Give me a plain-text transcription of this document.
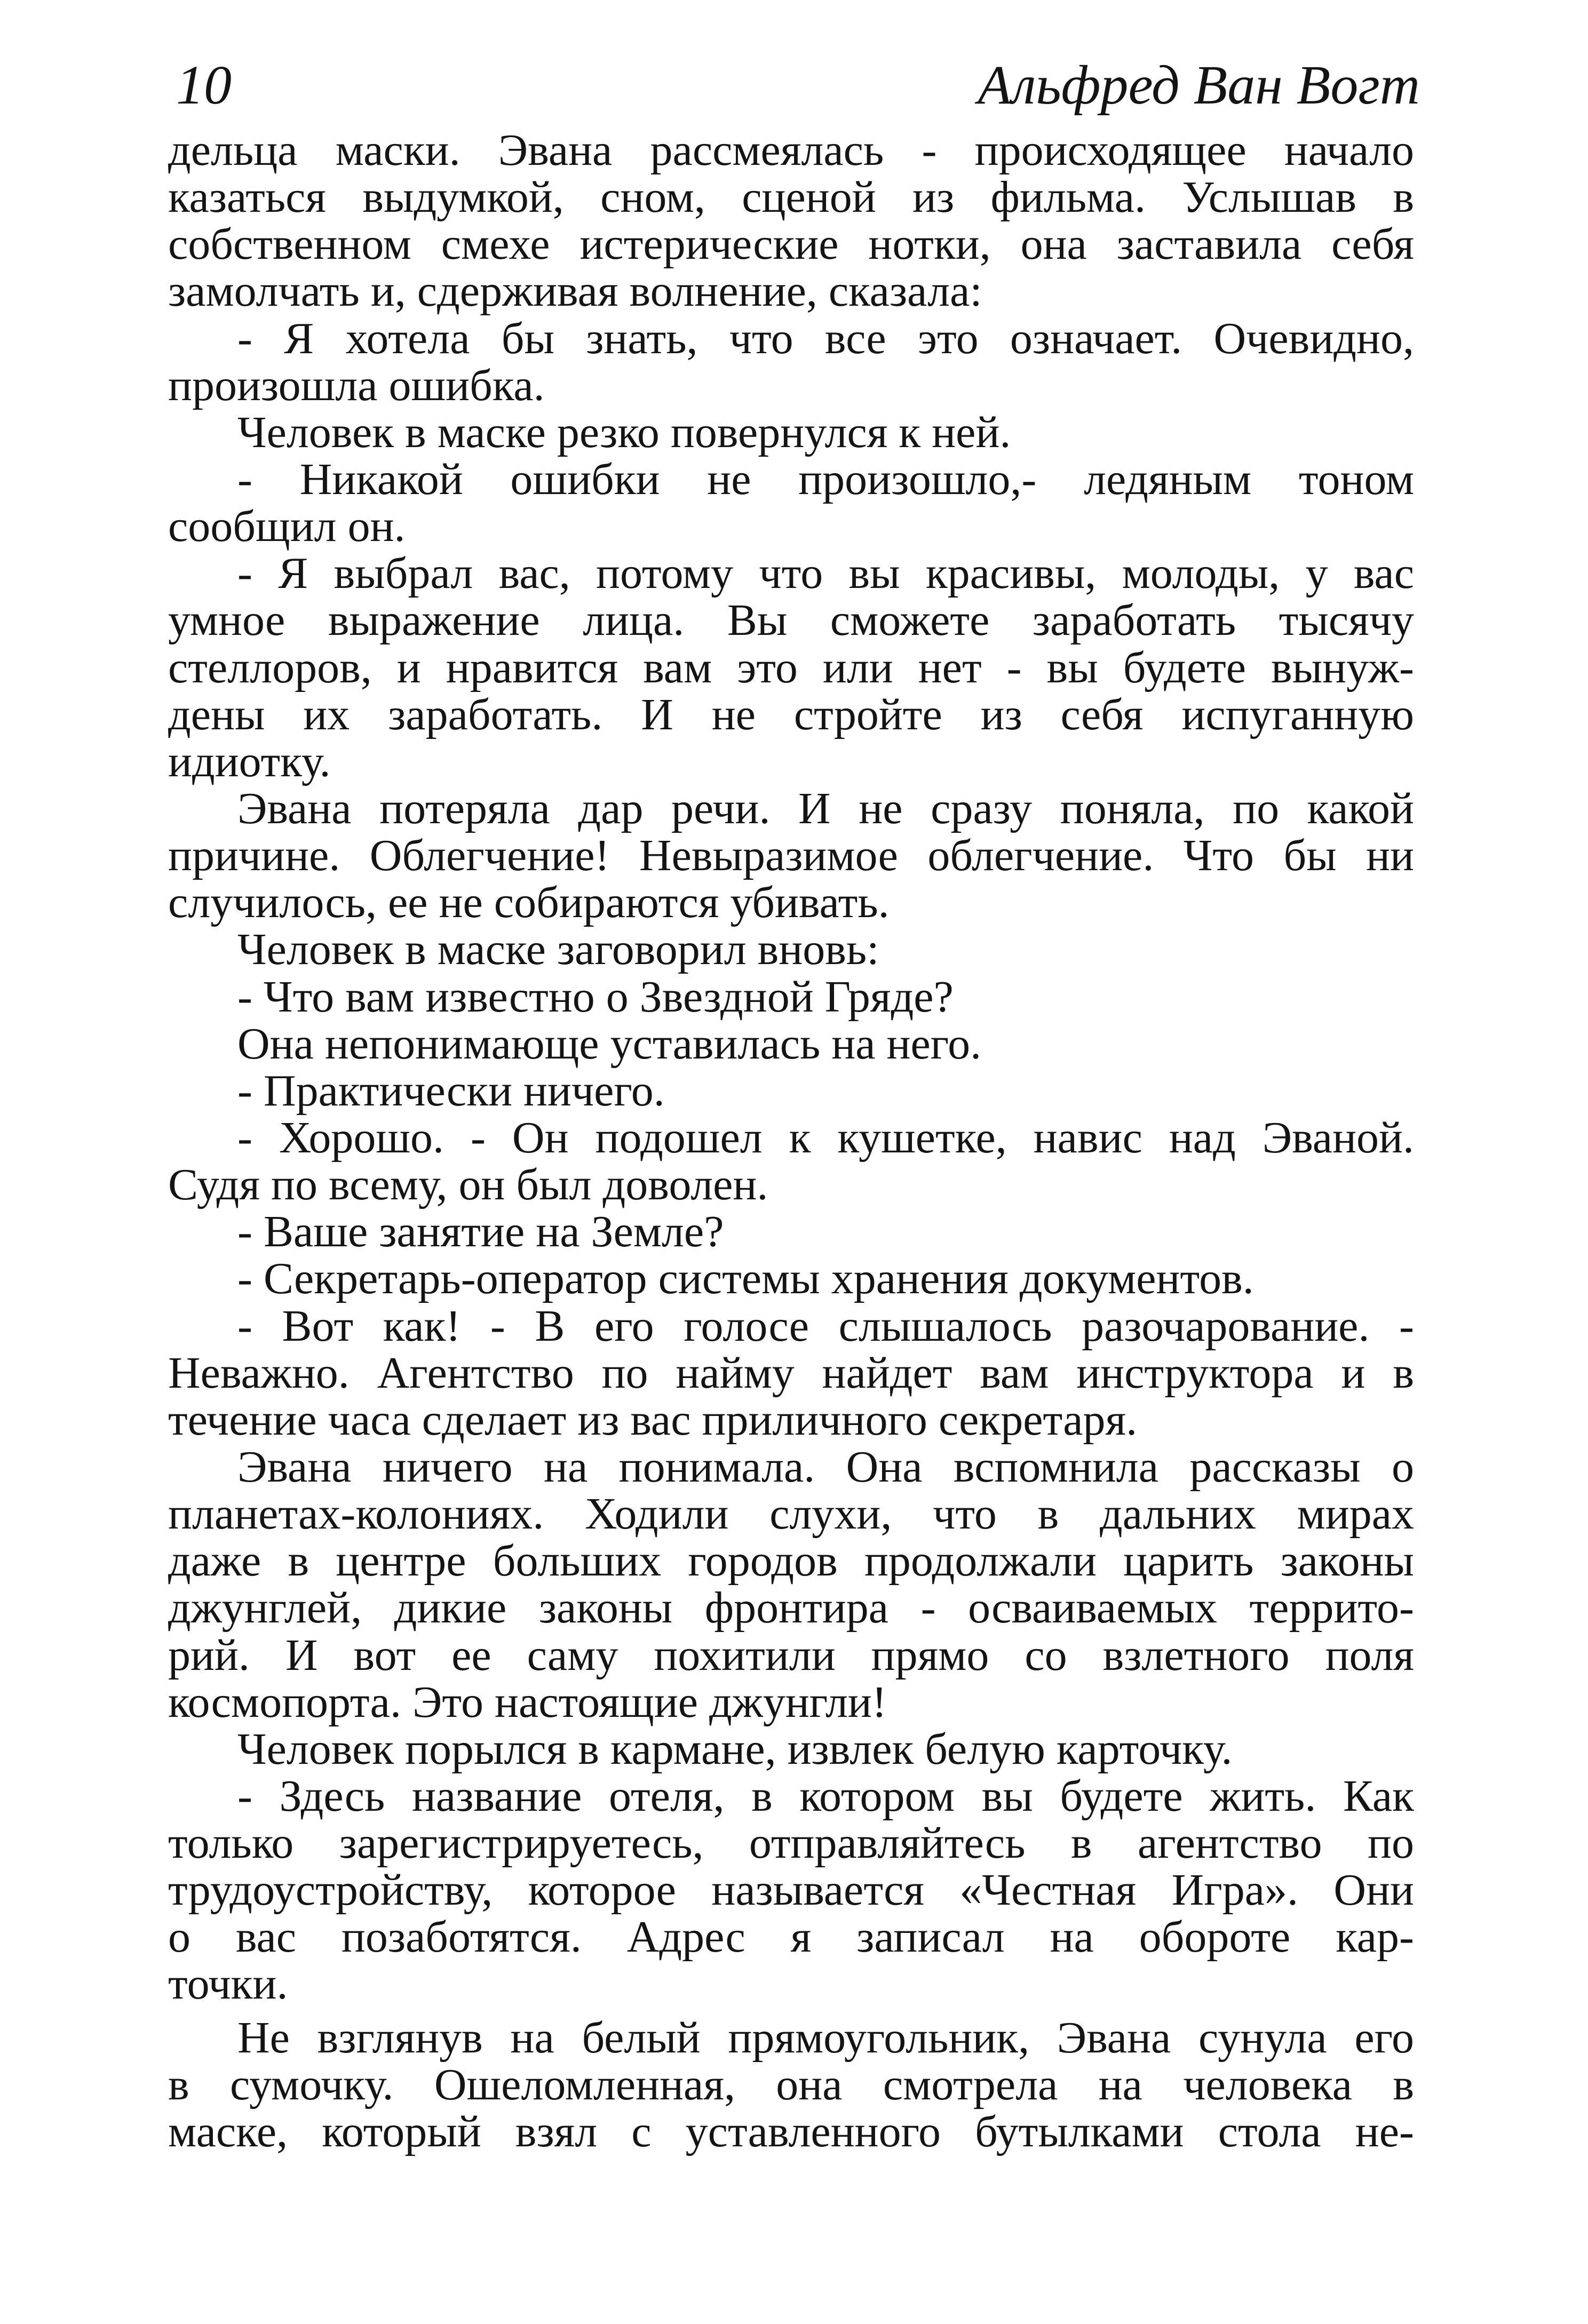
10	Альфред Ван Вогт
дельца маски. Эвана рассмеялась - происходящее начало
казаться выдумкой, сном, сценой из фильма. Услышав в
собственном смехе истерические нотки, она заставила себя
замолчать и, сдерживая волнение, сказала:
- Я хотела бы знать, что все это означает. Очевидно,
произошла ошибка.
Человек в маске резко повернулся к ней.
- Никакой ошибки не произошло,- ледяным тоном
сообщил он.
- Я выбрал вас, потому что вы красивы, молоды, у вас
умное выражение лица. Вы сможете заработать тысячу
стеллоров, и нравится вам это или нет - вы будете вынуж-
дены их заработать. И не стройте из себя испуганную
идиотку.
Эвана потеряла дар речи. И не сразу поняла, по какой
причине. Облегчение! Невыразимое облегчение. Что бы ни
случилось, ее не собираются убивать.
Человек в маске заговорил вновь:
- Что вам известно о Звездной Гряде?
Она непонимающе уставилась на него.
- Практически ничего.
- Хорошо. - Он подошел к кушетке, навис над Эваной.
Судя по всему, он был доволен.
- Ваше занятие на Земле?
- Секретарь-оператор системы хранения документов.
- Вот как! - В его голосе слышалось разочарование. -
Неважно. Агентство по найму найдет вам инструктора и в
течение часа сделает из вас приличного секретаря.
Эвана ничего на понимала. Она вспомнила рассказы о
планетах-колониях. Ходили слухи, что в дальних мирах
даже в центре больших городов продолжали царить законы
джунглей, дикие законы фронтира - осваиваемых террито-
рий. И вот ее саму похитили прямо со взлетного поля
космопорта. Это настоящие джунгли!
Человек порылся в кармане, извлек белую карточку.
- Здесь название отеля, в котором вы будете жить. Как
только зарегистрируетесь, отправляйтесь в агентство по
трудоустройству, которое называется «Честная Игра». Они
о вас позаботятся. Адрес я записал на обороте кар-
точки.
Не взглянув на белый прямоугольник, Эвана сунула его
в сумочку. Ошеломленная, она смотрела на человека в
маске, который взял с уставленного бутылками стола не-
